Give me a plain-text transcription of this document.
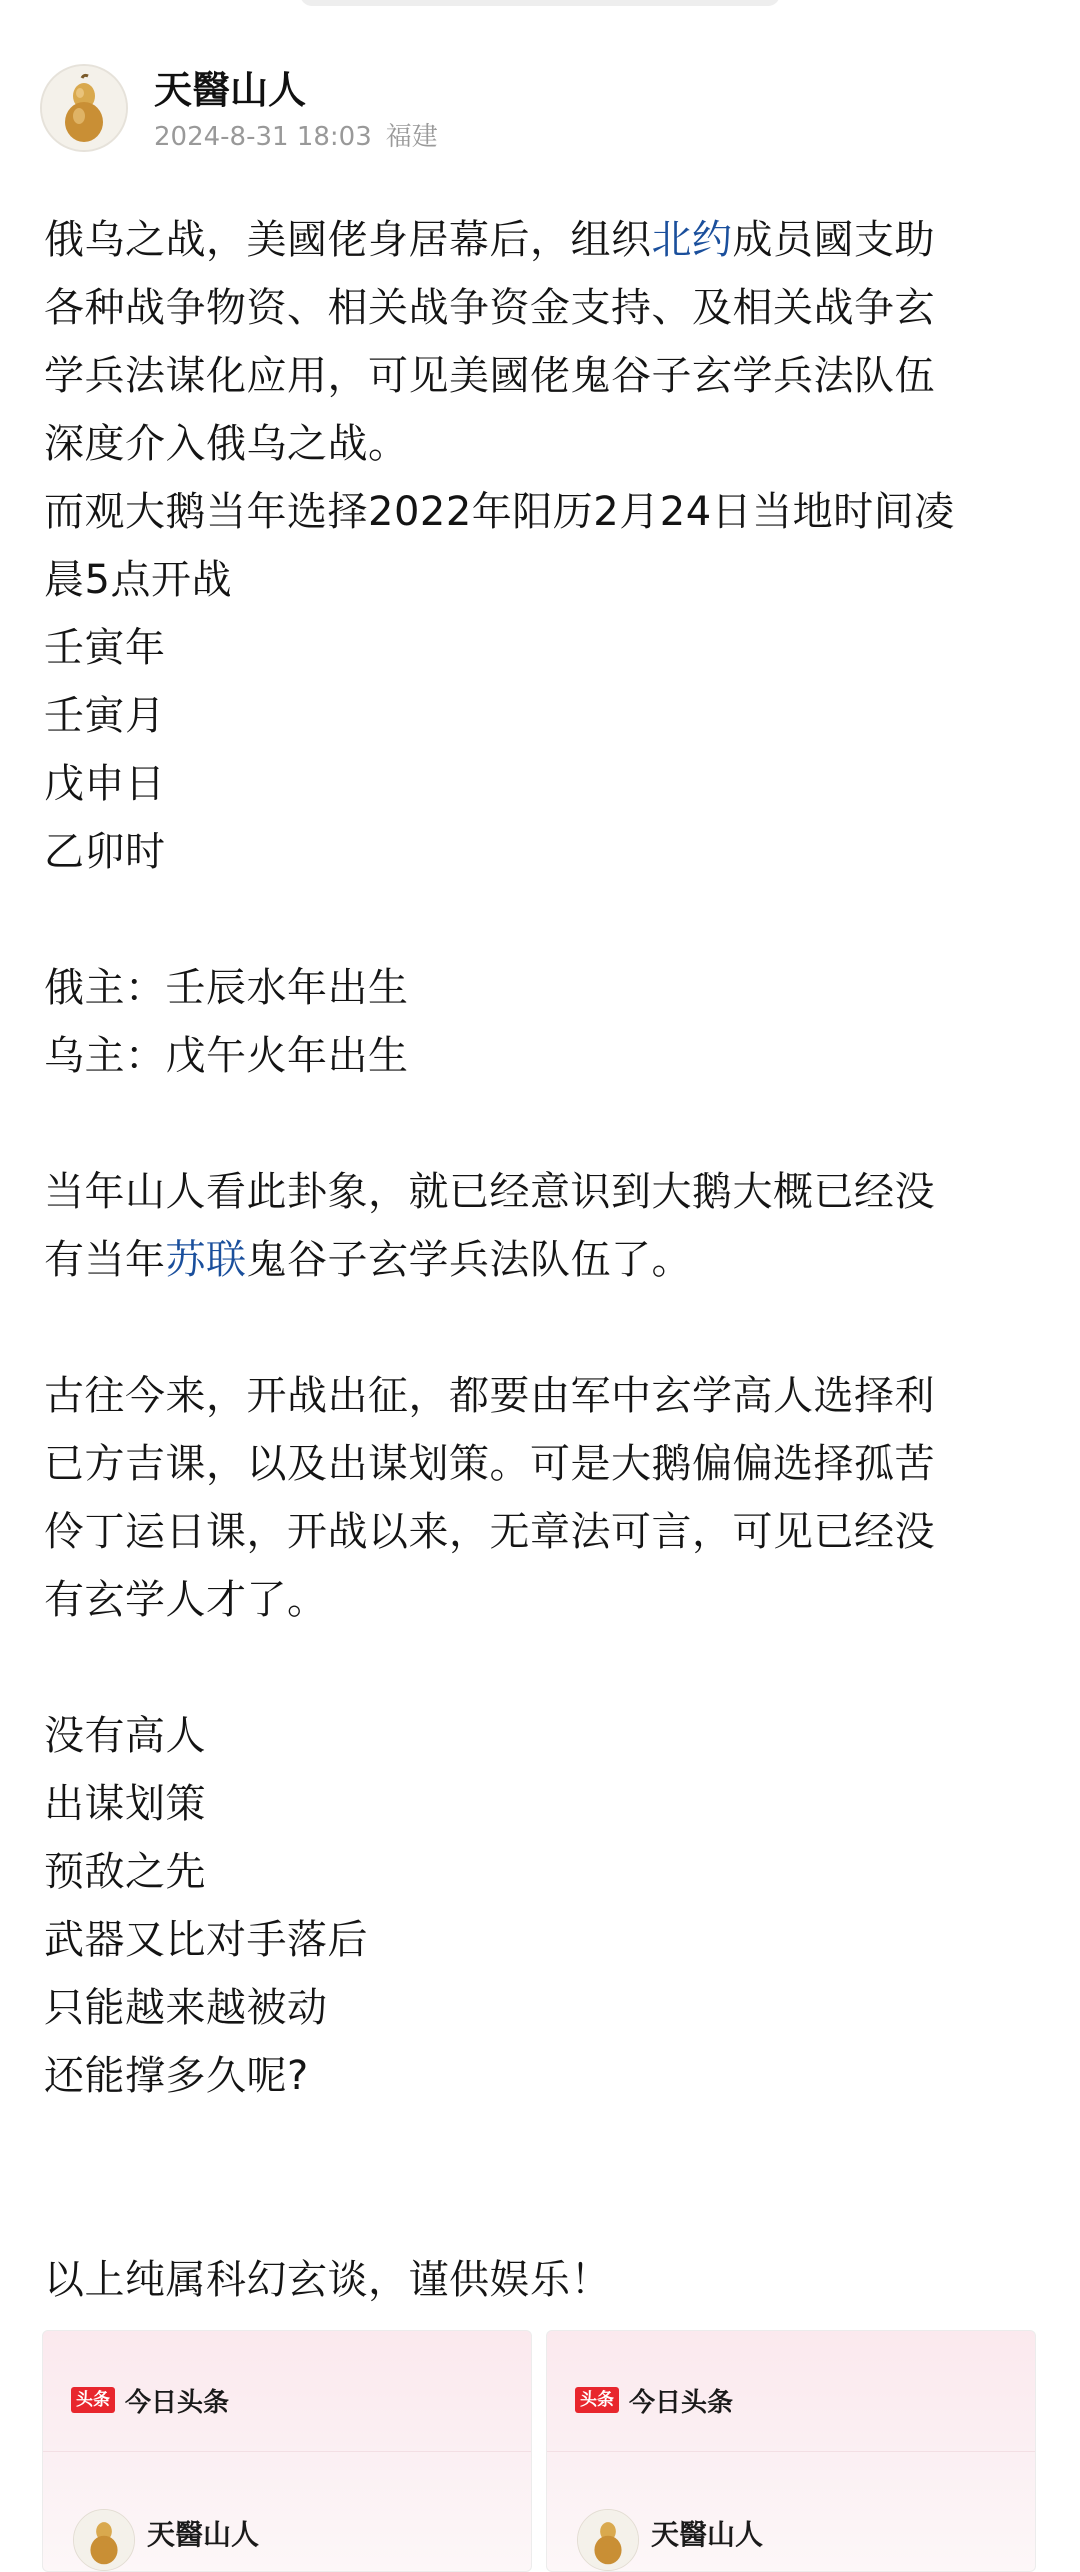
天醫山人
2024-8-31 18:03 福建

俄乌之战，美國佬身居幕后，组织北约成员國支助

各种战争物资、相关战争资金支持、及相关战争玄

学兵法谋化应用，可见美國佬鬼谷子玄学兵法队伍

深度介入俄乌之战。

而观大鹅当年选择2022年阳历2月24日当地时间凌

晨5点开战

壬寅年

壬寅月

戊申日

乙卯时

俄主：壬辰水年出生

乌主：戊午火年出生

当年山人看此卦象，就已经意识到大鹅大概已经没

有当年苏联鬼谷子玄学兵法队伍了。

古往今来，开战出征，都要由军中玄学高人选择利

已方吉课，以及出谋划策。可是大鹅偏偏选择孤苦

伶丁运日课，开战以来，无章法可言，可见已经没

有玄学人才了。

没有高人

出谋划策

预敌之先

武器又比对手落后

只能越来越被动

还能撑多久呢?

以上纯属科幻玄谈，谨供娱乐！

头条 今日头条
天醫山人
头条 今日头条
天醫山人
